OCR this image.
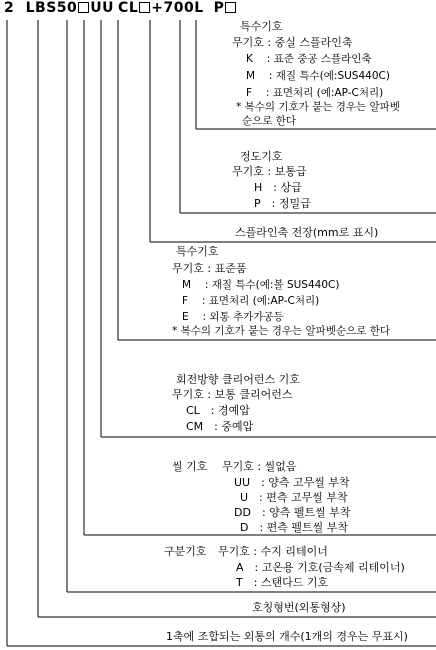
2 LBS50 UU CL +700L P
특수기호
무기호 : 중실 스플라인축
K　 : 표준 중공 스플라인축
M　 : 재질 특수(예:SUS440C)
F　 : 표면처리 (예:AP-C처리)
* 복수의 기호가 붙는 경우는 알파벳
순으로 한다
정도기호
무기호 : 보통급
H　: 상급
P　: 정밀급
스플라인축 전장(mm로 표시)
특수기호
무기호 : 표준품
M　 : 재질 특수(예:볼 SUS440C)
F　 : 표면처리 (예:AP-C처리)
E　 : 외통 추가가공등
* 복수의 기호가 붙는 경우는 알파벳순으로 한다
회전방향 클리어런스 기호
무기호 : 보통 클리어런스
CL　: 경예압
CM　: 중예압
씰 기호 무기호 : 씰없음
UU　: 양측 고무씰 부착
U　: 편측 고무씰 부착
DD　: 양측 펠트씰 부착
D　: 편측 펠트씰 부착
구분기호 무기호 : 수지 리테이너
A　: 고온용 기호(금속제 리테이너)
T　: 스탠다드 기호
호칭형번(외통형상)
1축에 조합되는 외통의 개수(1개의 경우는 무표시)
